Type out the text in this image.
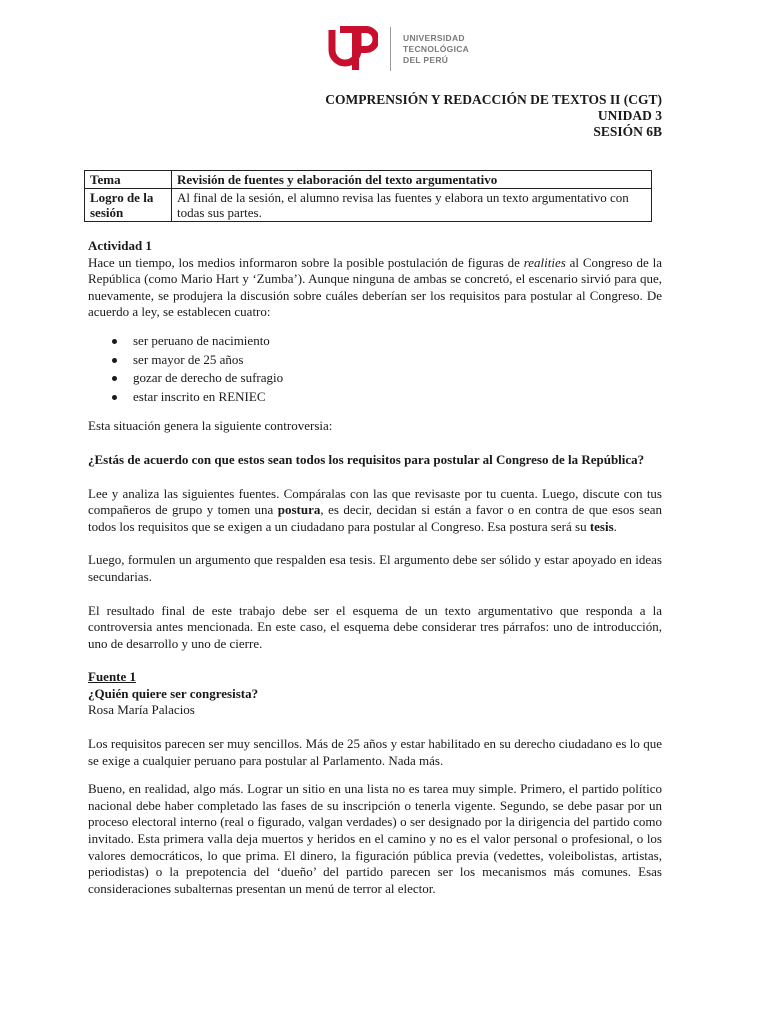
UNIVERSIDAD
TECNOLÓGICA
DEL PERÚ
COMPRENSIÓN Y REDACCIÓN DE TEXTOS II (CGT)
UNIDAD 3
SESIÓN 6B
Tema	Revisión de fuentes y elaboración del texto argumentativo
Logro de la sesión	Al final de la sesión, el alumno revisa las fuentes y elabora un texto argumentativo con todas sus partes.

Actividad 1

Hace un tiempo, los medios informaron sobre la posible postulación de figuras de realities al Congreso de la República (como Mario Hart y ‘Zumba’). Aunque ninguna de ambas se concretó, el escenario sirvió para que, nuevamente, se produjera la discusión sobre cuáles deberían ser los requisitos para postular al Congreso. De acuerdo a ley, se establecen cuatro:

ser peruano de nacimiento
ser mayor de 25 años
gozar de derecho de sufragio
estar inscrito en RENIEC

Esta situación genera la siguiente controversia:

¿Estás de acuerdo con que estos sean todos los requisitos para postular al Congreso de la República?

Lee y analiza las siguientes fuentes. Compáralas con las que revisaste por tu cuenta. Luego, discute con tus compañeros de grupo y tomen una postura, es decir, decidan si están a favor o en contra de que esos sean todos los requisitos que se exigen a un ciudadano para postular al Congreso. Esa postura será su tesis.

Luego, formulen un argumento que respalden esa tesis. El argumento debe ser sólido y estar apoyado en ideas secundarias.

El resultado final de este trabajo debe ser el esquema de un texto argumentativo que responda a la controversia antes mencionada. En este caso, el esquema debe considerar tres párrafos: uno de introducción, uno de desarrollo y uno de cierre.

Fuente 1

¿Quién quiere ser congresista?

Rosa María Palacios

Los requisitos parecen ser muy sencillos. Más de 25 años y estar habilitado en su derecho ciudadano es lo que se exige a cualquier peruano para postular al Parlamento. Nada más.

Bueno, en realidad, algo más. Lograr un sitio en una lista no es tarea muy simple. Primero, el partido político nacional debe haber completado las fases de su inscripción o tenerla vigente. Segundo, se debe pasar por un proceso electoral interno (real o figurado, valgan verdades) o ser designado por la dirigencia del partido como invitado. Esta primera valla deja muertos y heridos en el camino y no es el valor personal o profesional, o los valores democráticos, lo que prima. El dinero, la figuración pública previa (vedettes, voleibolistas, artistas, periodistas) o la prepotencia del ‘dueño’ del partido parecen ser los mecanismos más comunes. Esas consideraciones subalternas presentan un menú de terror al elector.
